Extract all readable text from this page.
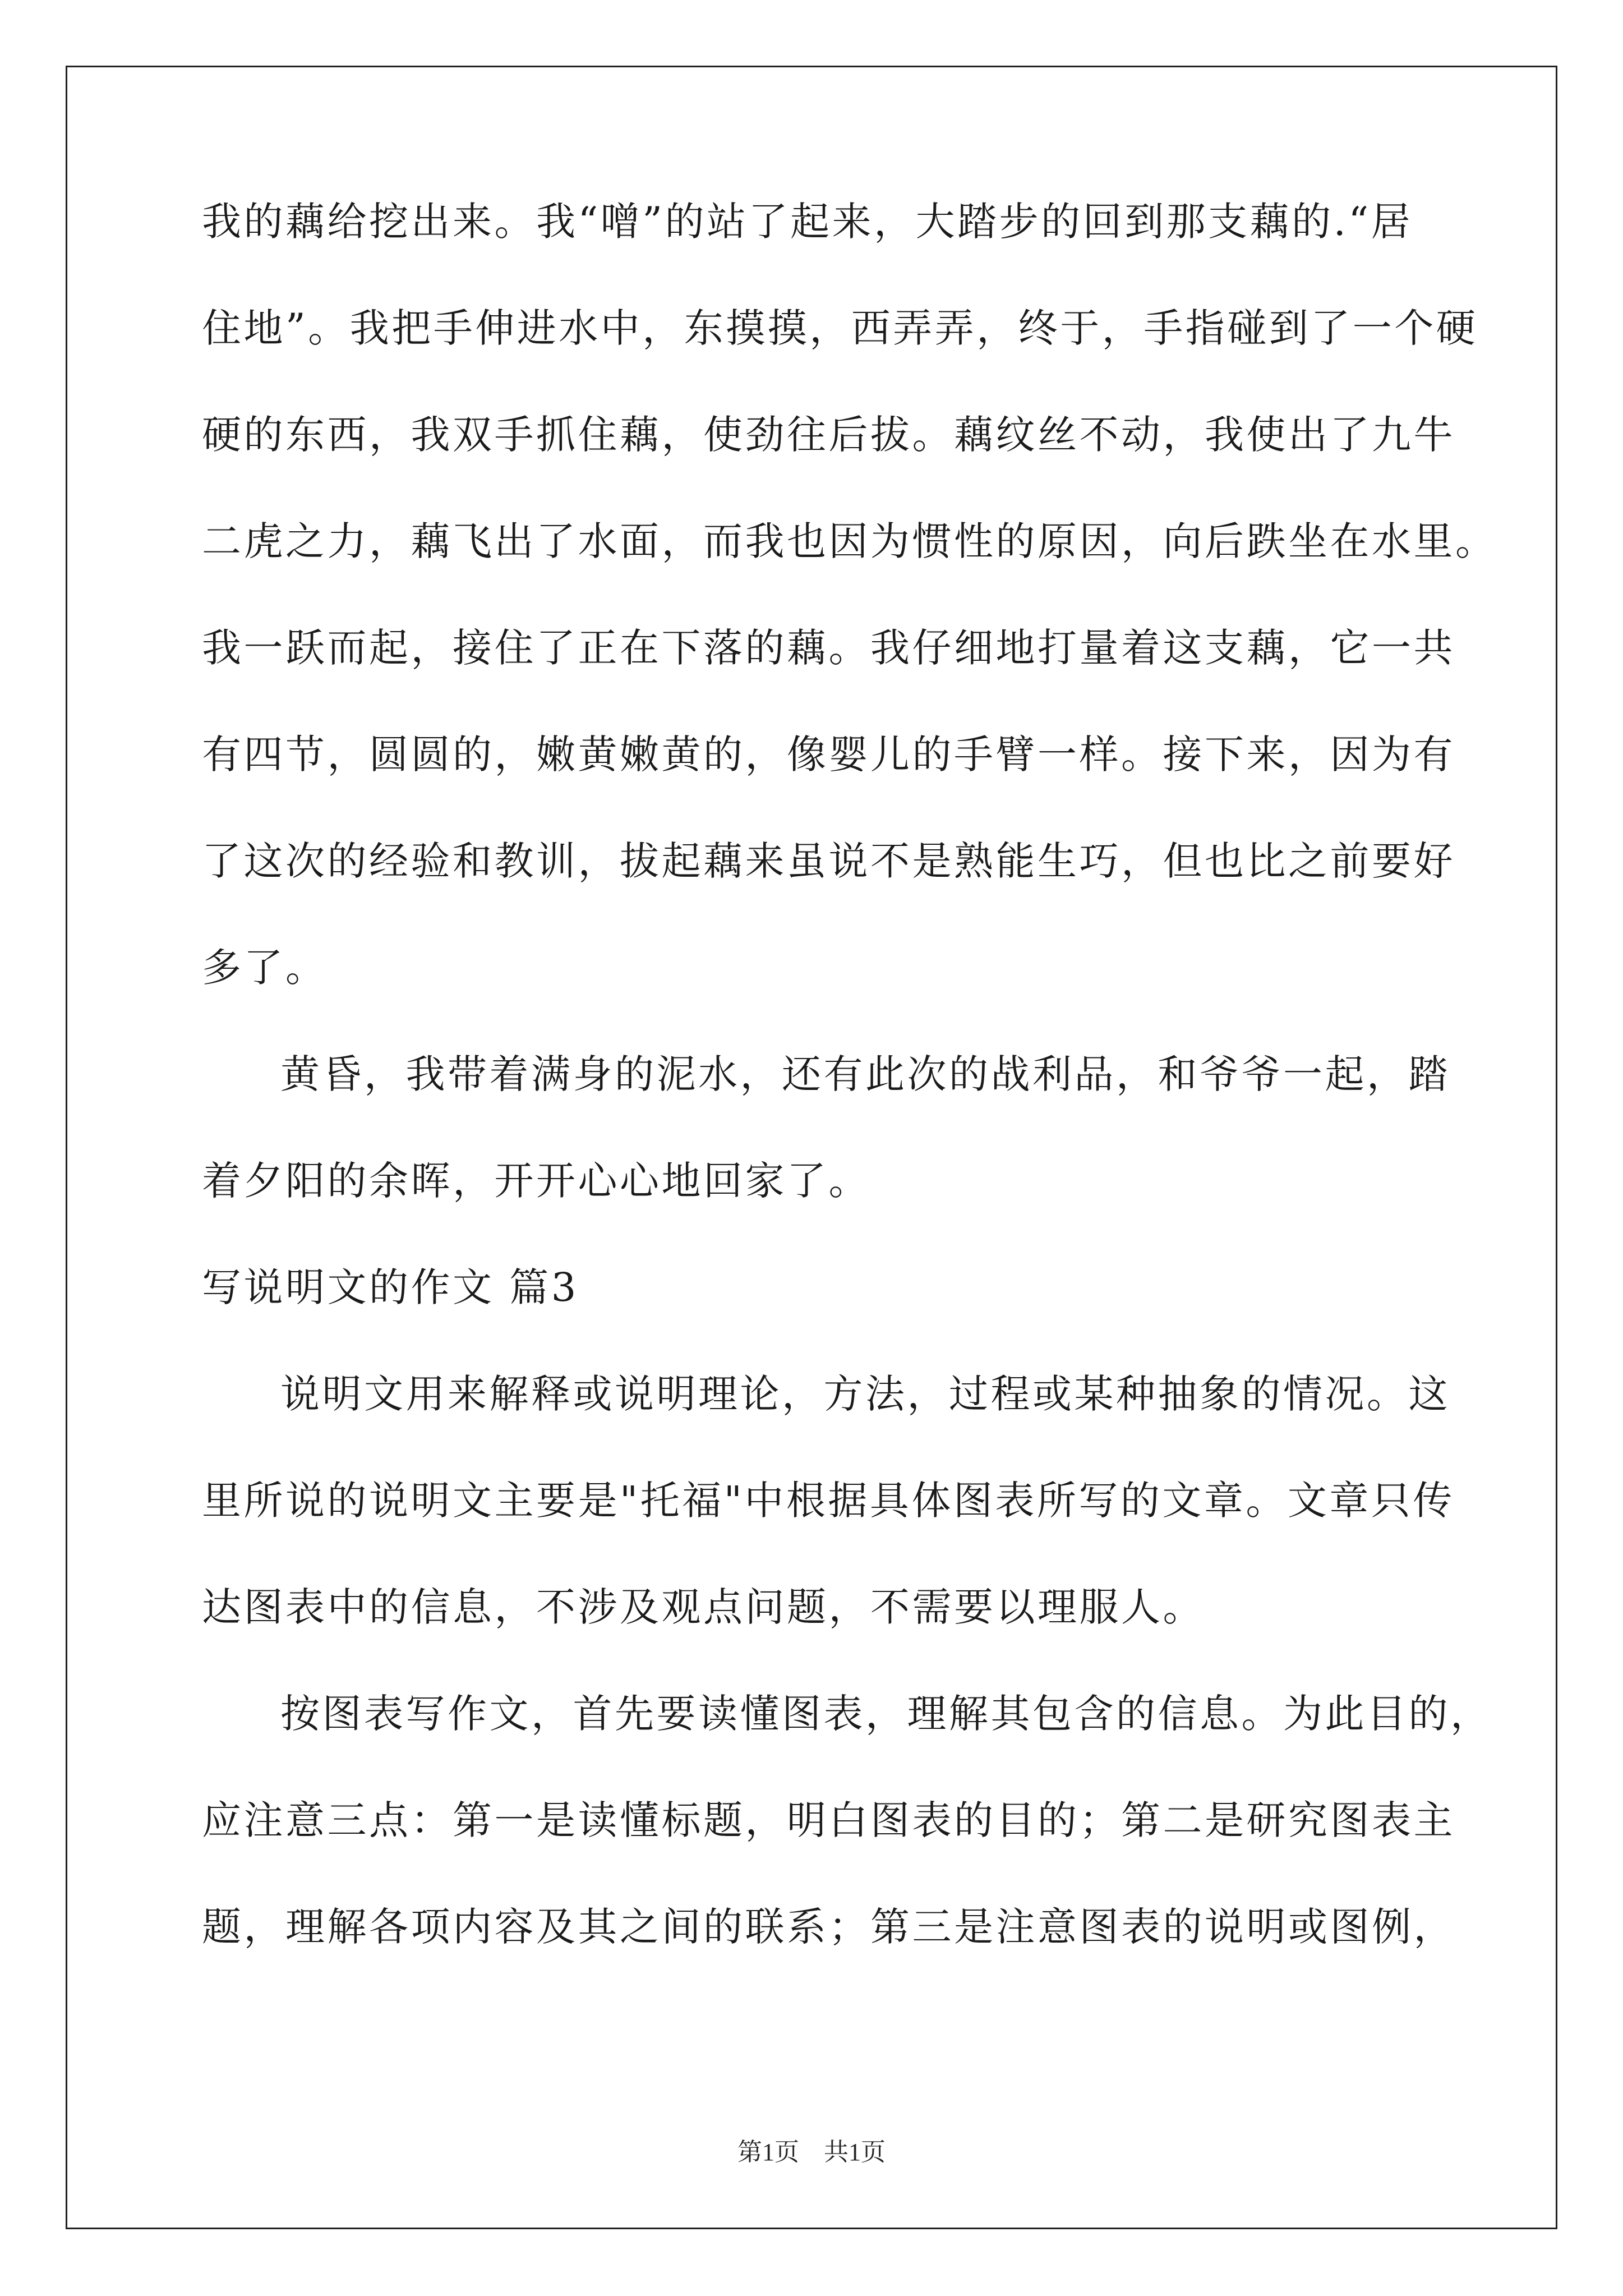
我的藕给挖出来。我“噌”的站了起来，大踏步的回到那支藕的.“居
住地”。我把手伸进水中，东摸摸，西弄弄，终于，手指碰到了一个硬
硬的东西，我双手抓住藕，使劲往后拔。藕纹丝不动，我使出了九牛
二虎之力，藕飞出了水面，而我也因为惯性的原因，向后跌坐在水里。
我一跃而起，接住了正在下落的藕。我仔细地打量着这支藕，它一共
有四节，圆圆的，嫩黄嫩黄的，像婴儿的手臂一样。接下来，因为有
了这次的经验和教训，拔起藕来虽说不是熟能生巧，但也比之前要好
多了。
黄昏，我带着满身的泥水，还有此次的战利品，和爷爷一起，踏
着夕阳的余晖，开开心心地回家了。
写说明文的作文 篇3
说明文用来解释或说明理论，方法，过程或某种抽象的情况。这
里所说的说明文主要是"托福"中根据具体图表所写的文章。文章只传
达图表中的信息，不涉及观点问题，不需要以理服人。
按图表写作文，首先要读懂图表，理解其包含的信息。为此目的，
应注意三点：第一是读懂标题，明白图表的目的；第二是研究图表主
题，理解各项内容及其之间的联系；第三是注意图表的说明或图例，
第1页　共1页
